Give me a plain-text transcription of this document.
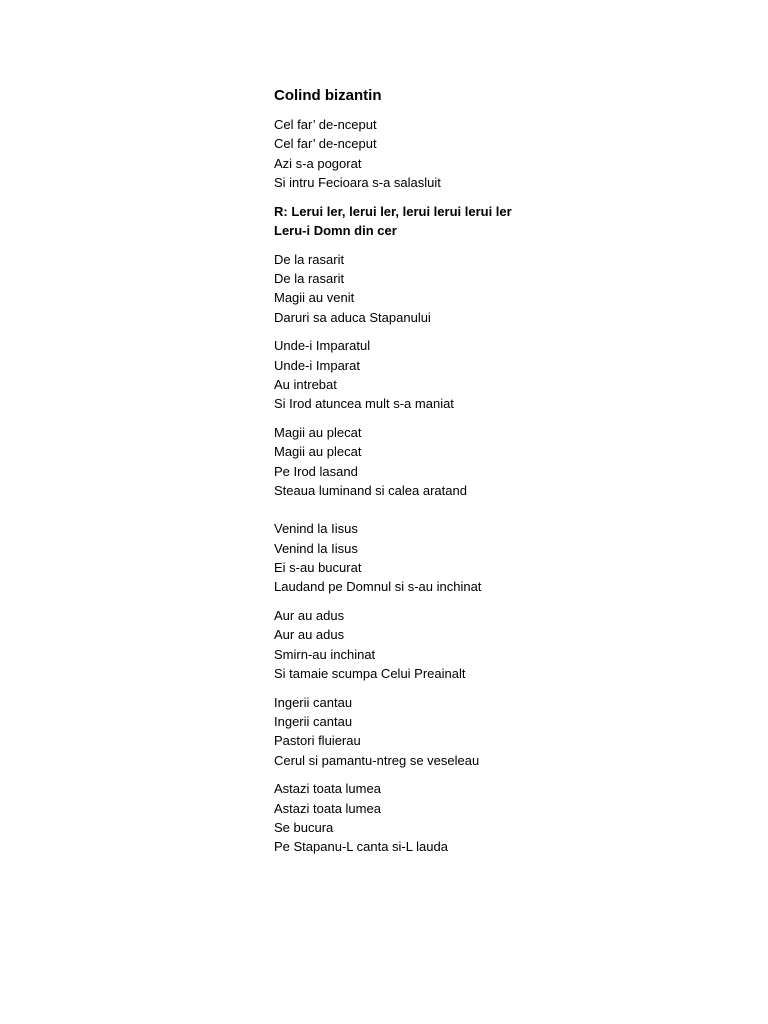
Colind bizantin
Cel far’ de-nceput
Cel far’ de-nceput
Azi s-a pogorat
Si intru Fecioara s-a salasluit
R: Lerui ler, lerui ler, lerui lerui lerui ler
Leru-i Domn din cer
De la rasarit
De la rasarit
Magii au venit
Daruri sa aduca Stapanului
Unde-i Imparatul
Unde-i Imparat
Au intrebat
Si Irod atuncea mult s-a maniat
Magii au plecat
Magii au plecat
Pe Irod lasand
Steaua luminand si calea aratand
Venind la Iisus
Venind la Iisus
Ei s-au bucurat
Laudand pe Domnul si s-au inchinat
Aur au adus
Aur au adus
Smirn-au inchinat
Si tamaie scumpa Celui Preainalt
Ingerii cantau
Ingerii cantau
Pastori fluierau
Cerul si pamantu-ntreg se veseleau
Astazi toata lumea
Astazi toata lumea
Se bucura
Pe Stapanu-L canta si-L lauda
